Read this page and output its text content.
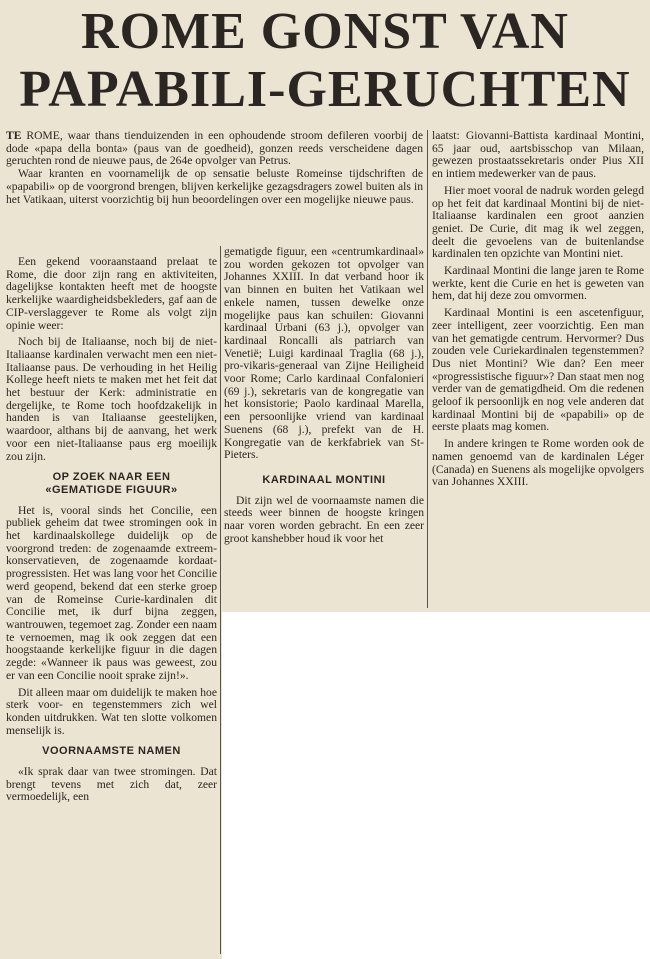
ROME GONST VAN
PAPABILI-GERUCHTEN

TE ROME, waar thans tienduizenden in een ophoudende stroom defileren voorbij de dode «papa della bonta» (paus van de goedheid), gonzen reeds verscheidene dagen geruchten rond de nieuwe paus, de 264e opvolger van Petrus.

Waar kranten en voornamelijk de op sensatie beluste Romeinse tijdschriften de «papabili» op de voorgrond brengen, blijven kerkelijke gezagsdragers zowel buiten als in het Vatikaan, uiterst voorzichtig bij hun beoordelingen over een mogelijke nieuwe paus.

Een gekend vooraanstaand prelaat te Rome, die door zijn rang en aktiviteiten, dagelijkse kontakten heeft met de hoogste kerkelijke waardigheidsbekleders, gaf aan de CIP-verslaggever te Rome als volgt zijn opinie weer:

Noch bij de Italiaanse, noch bij de niet-Italiaanse kardinalen verwacht men een niet-Italiaanse paus. De verhouding in het Heilig Kollege heeft niets te maken met het feit dat het bestuur der Kerk: administratie en dergelijke, te Rome toch hoofdzakelijk in handen is van Italiaanse geestelijken, waardoor, althans bij de aanvang, het werk voor een niet-Italiaanse paus erg moeilijk zou zijn.

OP ZOEK NAAR EEN
«GEMATIGDE FIGUUR»

Het is, vooral sinds het Concilie, een publiek geheim dat twee stromingen ook in het kardinaalskollege duidelijk op de voorgrond treden: de zogenaamde extreem-konservatieven, de zogenaamde kordaat-progressisten. Het was lang voor het Concilie werd geopend, bekend dat een sterke groep van de Romeinse Curie-kardinalen dit Concilie met, ik durf bijna zeggen, wantrouwen, tegemoet zag. Zonder een naam te vernoemen, mag ik ook zeggen dat een hoogstaande kerkelijke figuur in die dagen zegde: «Wanneer ik paus was geweest, zou er van een Concilie nooit sprake zijn!».

Dit alleen maar om duidelijk te maken hoe sterk voor- en tegenstemmers zich wel konden uitdrukken. Wat ten slotte volkomen menselijk is.

VOORNAAMSTE NAMEN

«Ik sprak daar van twee stromingen. Dat brengt tevens met zich dat, zeer vermoedelijk, een

gematigde figuur, een «centrumkardinaal» zou worden gekozen tot opvolger van Johannes XXIII. In dat verband hoor ik van binnen en buiten het Vatikaan wel enkele namen, tussen dewelke onze mogelijke paus kan schuilen: Giovanni kardinaal Urbani (63 j.), opvolger van kardinaal Roncalli als patriarch van Venetië; Luigi kardinaal Traglia (68 j.), pro-vikaris-generaal van Zijne Heiligheid voor Rome; Carlo kardinaal Confalonieri (69 j.), sekretaris van de kongregatie van het konsistorie; Paolo kardinaal Marella, een persoonlijke vriend van kardinaal Suenens (68 j.), prefekt van de H. Kongregatie van de kerkfabriek van St-Pieters.

KARDINAAL MONTINI

Dit zijn wel de voornaamste namen die steeds weer binnen de hoogste kringen naar voren worden gebracht. En een zeer groot kanshebber houd ik voor het

laatst: Giovanni-Battista kardinaal Montini, 65 jaar oud, aartsbisschop van Milaan, gewezen prostaatssekretaris onder Pius XII en intiem medewerker van de paus.

Hier moet vooral de nadruk worden gelegd op het feit dat kardinaal Montini bij de niet-Italiaanse kardinalen een groot aanzien geniet. De Curie, dit mag ik wel zeggen, deelt die gevoelens van de buitenlandse kardinalen ten opzichte van Montini niet.

Kardinaal Montini die lange jaren te Rome werkte, kent die Curie en het is geweten van hem, dat hij deze zou omvormen.

Kardinaal Montini is een ascetenfiguur, zeer intelligent, zeer voorzichtig. Een man van het gematigde centrum. Hervormer? Dus zouden vele Curiekardinalen tegenstemmen? Dus niet Montini? Wie dan? Een meer «progressistische figuur»? Dan staat men nog verder van de gematigdheid. Om die redenen geloof ik persoonlijk en nog vele anderen dat kardinaal Montini bij de «papabili» op de eerste plaats mag komen.

In andere kringen te Rome worden ook de namen genoemd van de kardinalen Léger (Canada) en Suenens als mogelijke opvolgers van Johannes XXIII.
